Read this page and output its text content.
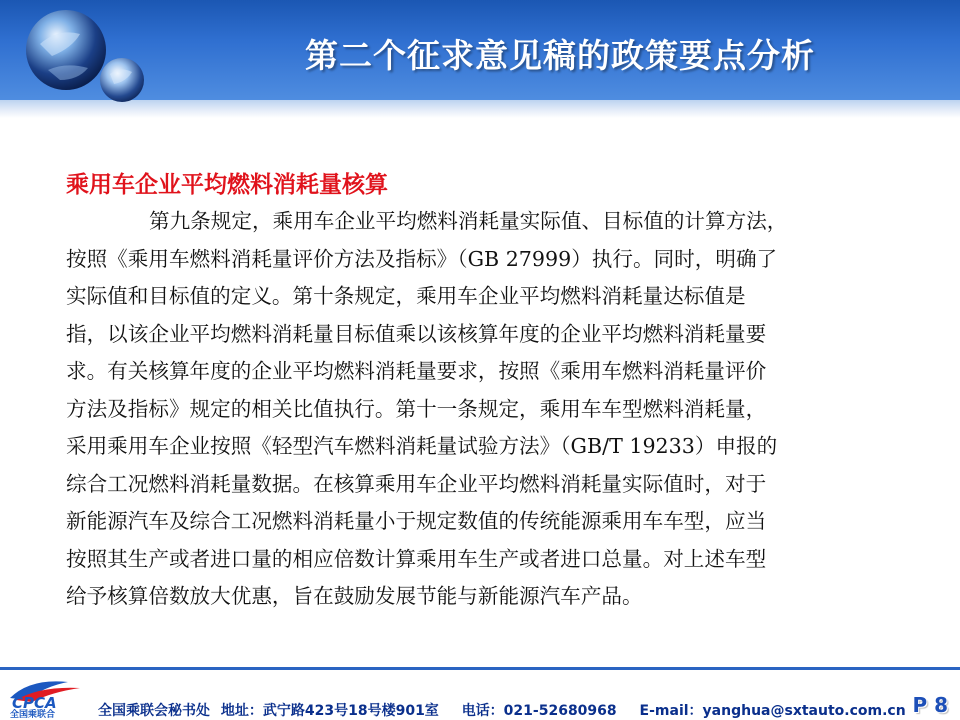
第二个征求意见稿的政策要点分析
乘用车企业平均燃料消耗量核算
第九条规定，乘用车企业平均燃料消耗量实际值、目标值的计算方法，
按照《乘用车燃料消耗量评价方法及指标》（GB 27999）执行。同时，明确了
实际值和目标值的定义。第十条规定，乘用车企业平均燃料消耗量达标值是
指，以该企业平均燃料消耗量目标值乘以该核算年度的企业平均燃料消耗量要
求。有关核算年度的企业平均燃料消耗量要求，按照《乘用车燃料消耗量评价
方法及指标》规定的相关比值执行。第十一条规定，乘用车车型燃料消耗量，
采用乘用车企业按照《轻型汽车燃料消耗量试验方法》（GB/T 19233）申报的
综合工况燃料消耗量数据。在核算乘用车企业平均燃料消耗量实际值时，对于
新能源汽车及综合工况燃料消耗量小于规定数值的传统能源乘用车车型，应当
按照其生产或者进口量的相应倍数计算乘用车生产或者进口总量。对上述车型
给予核算倍数放大优惠，旨在鼓励发展节能与新能源汽车产品。
CPCA
全国乘联合	全国乘联会秘书处 地址：武宁路423号18号楼901室 电话：021-52680968 E-mail：yanghua@sxtauto.com.cn P 8
